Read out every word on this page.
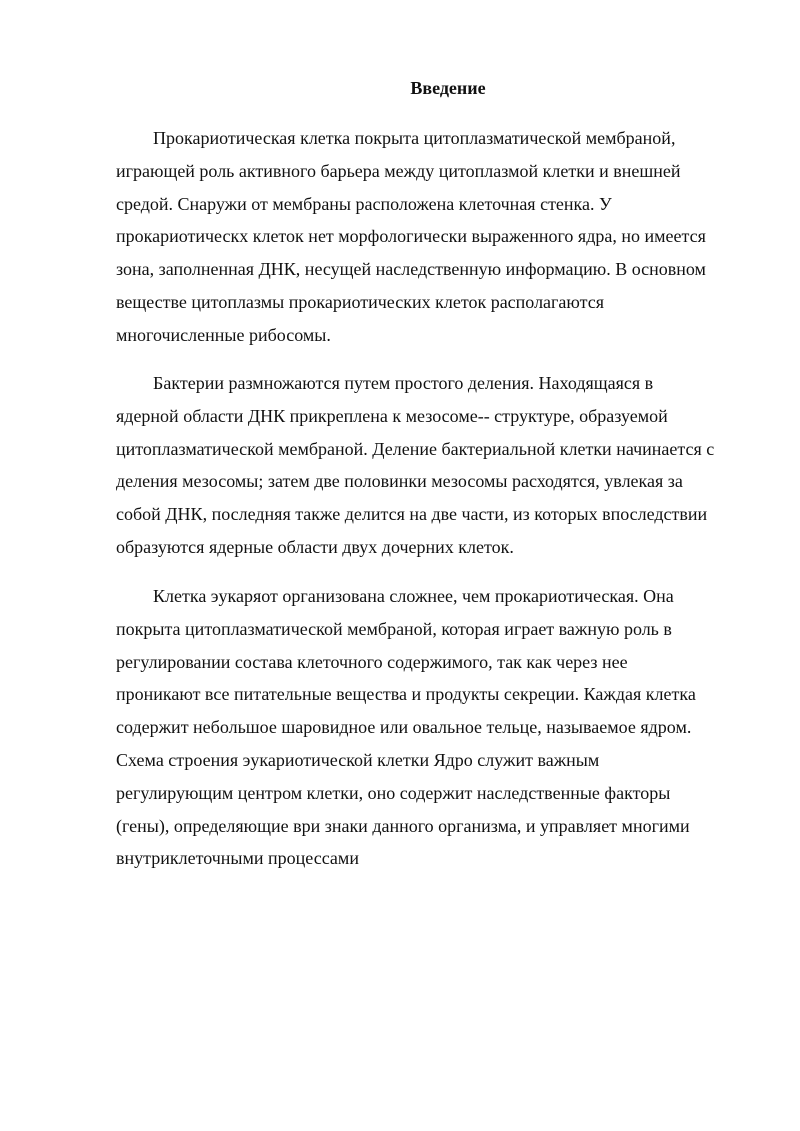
Введение
Прокариотическая клетка покрыта цитоплазматической мембраной,
играющей роль активного барьера между цитоплазмой клетки и внешней
средой. Снаружи от мембраны расположена клеточная стенка. У
прокариотическх клеток нет морфологически выраженного ядра, но имеется
зона, заполненная ДНК, несущей наследственную информацию. В основном
веществе цитоплазмы прокариотических клеток располагаются
многочисленные рибосомы.
Бактерии размножаются путем простого деления. Находящаяся в
ядерной области ДНК прикреплена к мезосоме-- структуре, образуемой
цитоплазматической мембраной. Деление бактериальной клетки начинается с
деления мезосомы; затем две половинки мезосомы расходятся, увлекая за
собой ДНК, последняя также делится на две части, из которых впоследствии
образуются ядерные области двух дочерних клеток.
Клетка эукаряот организована сложнее, чем прокариотическая. Она
покрыта цитоплазматической мембраной, которая играет важную роль в
регулировании состава клеточного содержимого, так как через нее
проникают все питательные вещества и продукты секреции. Каждая клетка
содержит небольшое шаровидное или овальное тельце, называемое ядром.
Схема строения эукариотической клетки Ядро служит важным
регулирующим центром клетки, оно содержит наследственные факторы
(гены), определяющие ври знаки данного организма, и управляет многими
внутриклеточными процессами
